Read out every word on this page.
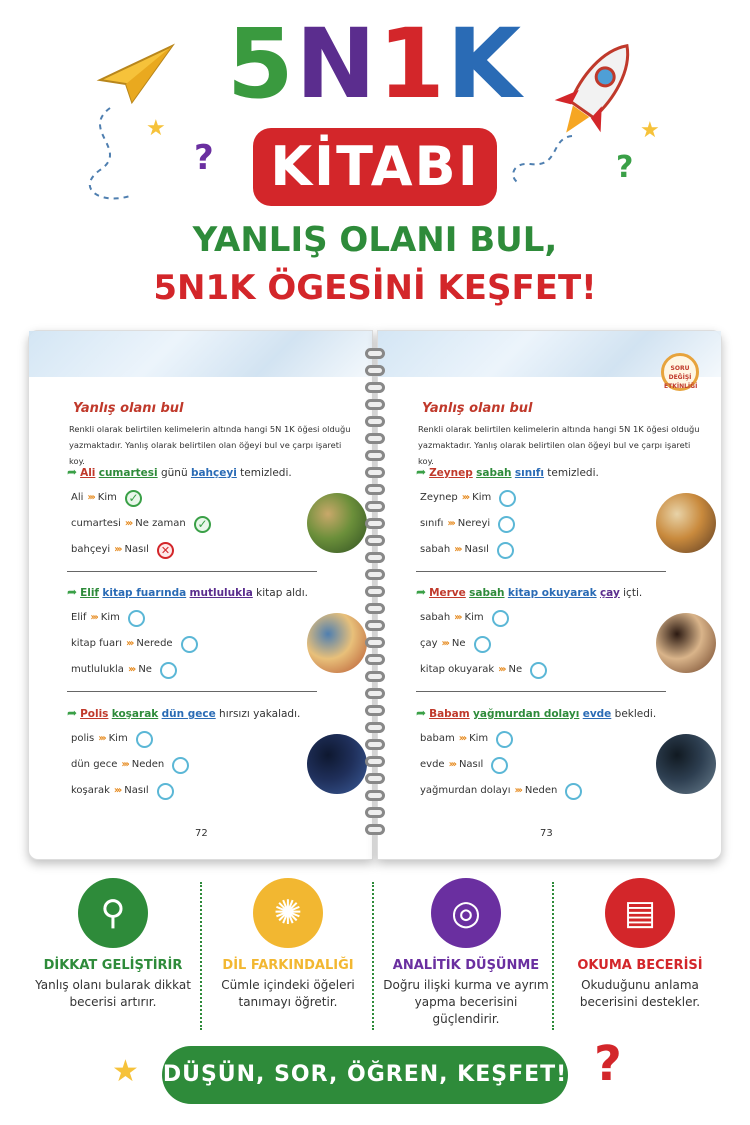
★
?
★
?
5N1K
KİTABI
YANLIŞ OLANI BUL,
5N1K ÖGESİNİ KEŞFET!
Yanlış olanı bul
Renkli olarak belirtilen kelimelerin altında hangi 5N 1K öğesi olduğu yazmaktadır. Yanlış olarak belirtilen olan öğeyi bul ve çarpı işareti koy.
➦ Ali cumartesi günü bahçeyi temizledi.
Ali ››› Kim ✓
cumartesi ››› Ne zaman ✓
bahçeyi ››› Nasıl	✕
➦ Elif kitap fuarında mutlulukla kitap aldı.
Elif ››› Kim
kitap fuarı ››› Nerede
mutlulukla ››› Ne
➦ Polis koşarak dün gece hırsızı yakaladı.
polis ››› Kim
dün gece ››› Neden
koşarak ››› Nasıl
72
SORU DEĞİŞİ ETKİNLİĞİ
Yanlış olanı bul
Renkli olarak belirtilen kelimelerin altında hangi 5N 1K öğesi olduğu yazmaktadır. Yanlış olarak belirtilen olan öğeyi bul ve çarpı işareti koy.
➦ Zeynep sabah sınıfı temizledi.
Zeynep ››› Kim
sınıfı ››› Nereyi
sabah ››› Nasıl
➦ Merve sabah kitap okuyarak çay içti.
sabah ››› Kim
çay ››› Ne
kitap okuyarak ››› Ne
➦ Babam yağmurdan dolayı evde bekledi.
babam ››› Kim
evde ››› Nasıl
yağmurdan dolayı ››› Neden
73
⚲
DİKKAT GELİŞTİRİR
Yanlış olanı bularak dikkat becerisi artırır.
✺
DİL FARKINDALIĞI
Cümle içindeki öğeleri tanımayı öğretir.
◎
ANALİTİK DÜŞÜNME
Doğru ilişki kurma ve ayrım yapma becerisini güçlendirir.
▤
OKUMA BECERİSİ
Okuduğunu anlama becerisini destekler.
★ DÜŞÜN, SOR, ÖĞREN, KEŞFET! ?
